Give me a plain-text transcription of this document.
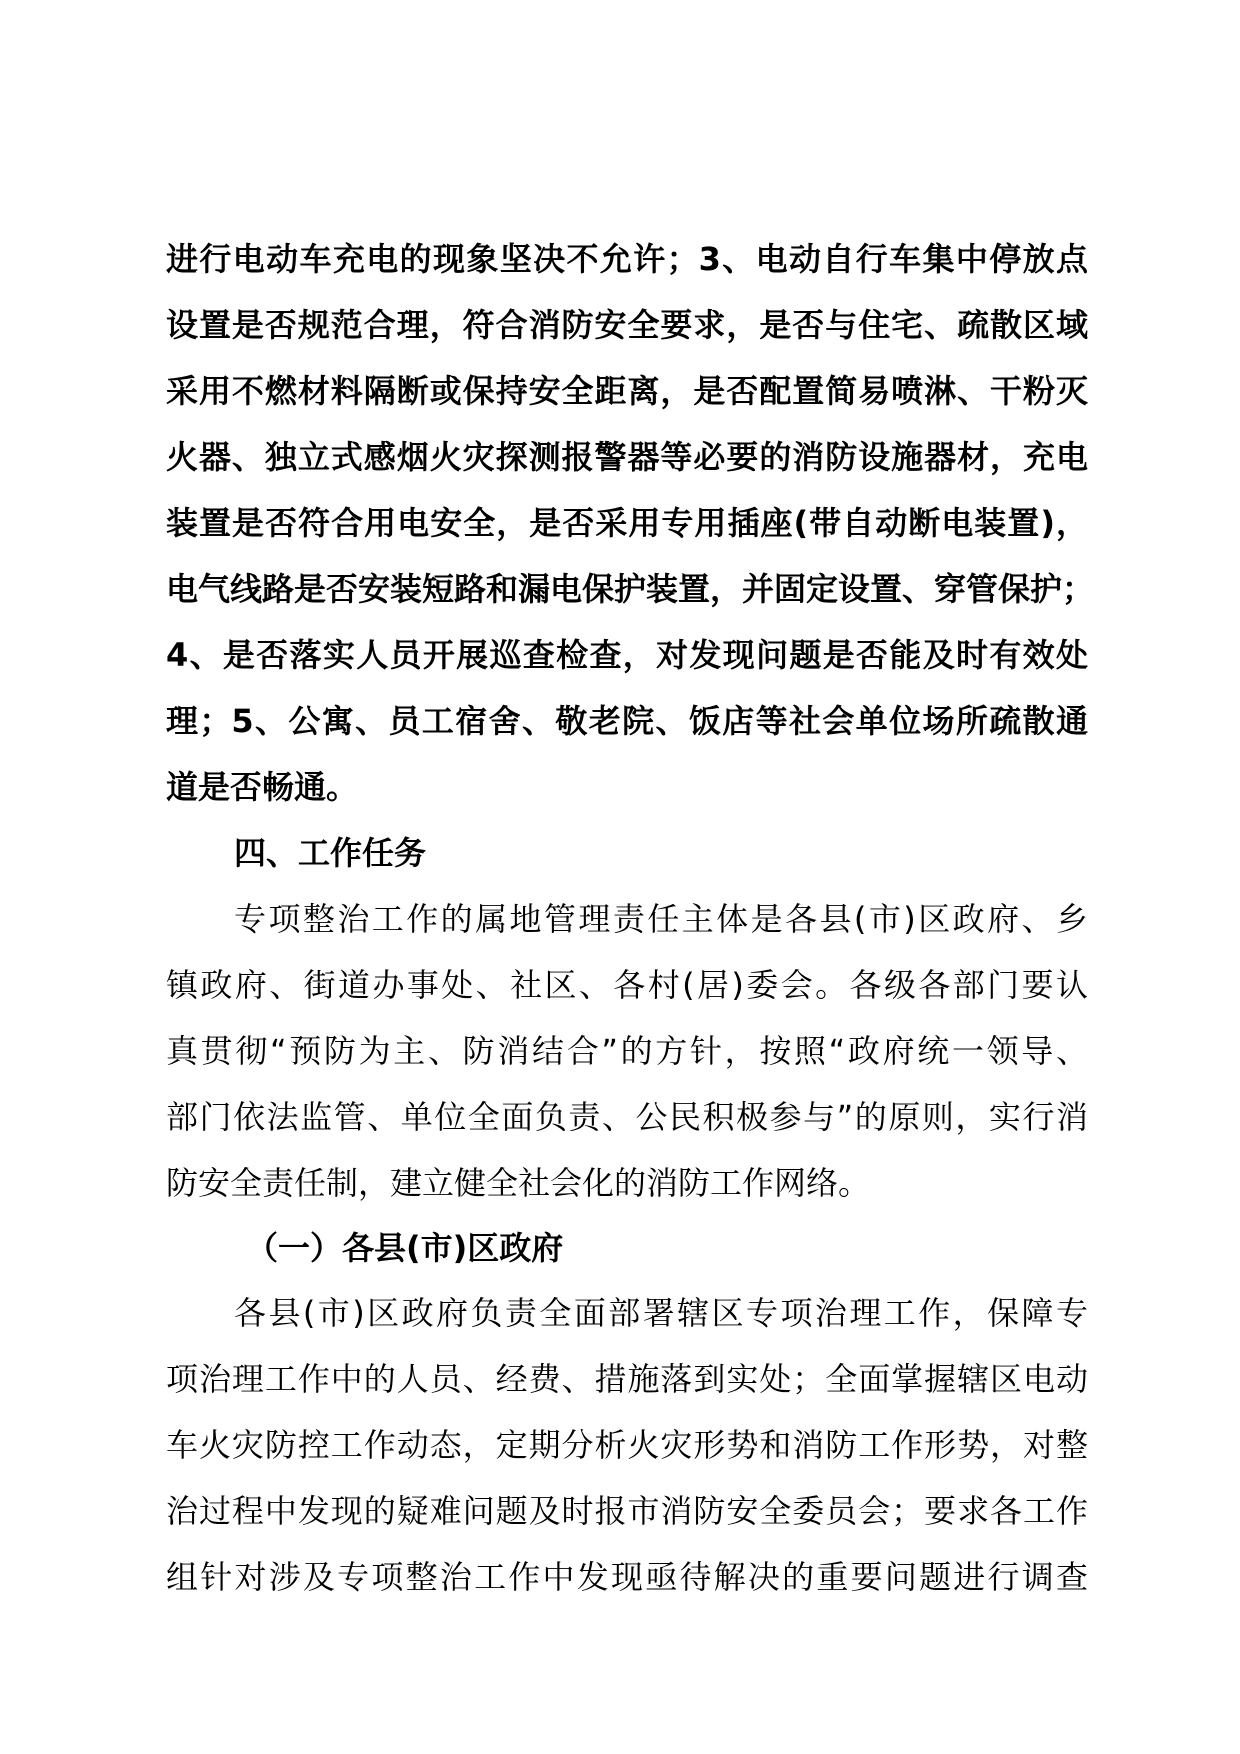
进行电动车充电的现象坚决不允许；3、电动自行车集中停放点
设置是否规范合理，符合消防安全要求，是否与住宅、疏散区域
采用不燃材料隔断或保持安全距离，是否配置简易喷淋、干粉灭
火器、独立式感烟火灾探测报警器等必要的消防设施器材，充电
装置是否符合用电安全，是否采用专用插座(带自动断电装置)，
电气线路是否安装短路和漏电保护装置，并固定设置、穿管保护；
4、是否落实人员开展巡查检查，对发现问题是否能及时有效处
理；5、公寓、员工宿舍、敬老院、饭店等社会单位场所疏散通
道是否畅通。
四、工作任务
专项整治工作的属地管理责任主体是各县(市)区政府、乡
镇政府、街道办事处、社区、各村(居)委会。各级各部门要认
真贯彻“预防为主、防消结合”的方针，按照“政府统一领导、
部门依法监管、单位全面负责、公民积极参与”的原则，实行消
防安全责任制，建立健全社会化的消防工作网络。
（一）各县(市)区政府
各县(市)区政府负责全面部署辖区专项治理工作，保障专
项治理工作中的人员、经费、措施落到实处；全面掌握辖区电动
车火灾防控工作动态，定期分析火灾形势和消防工作形势，对整
治过程中发现的疑难问题及时报市消防安全委员会；要求各工作
组针对涉及专项整治工作中发现亟待解决的重要问题进行调查
